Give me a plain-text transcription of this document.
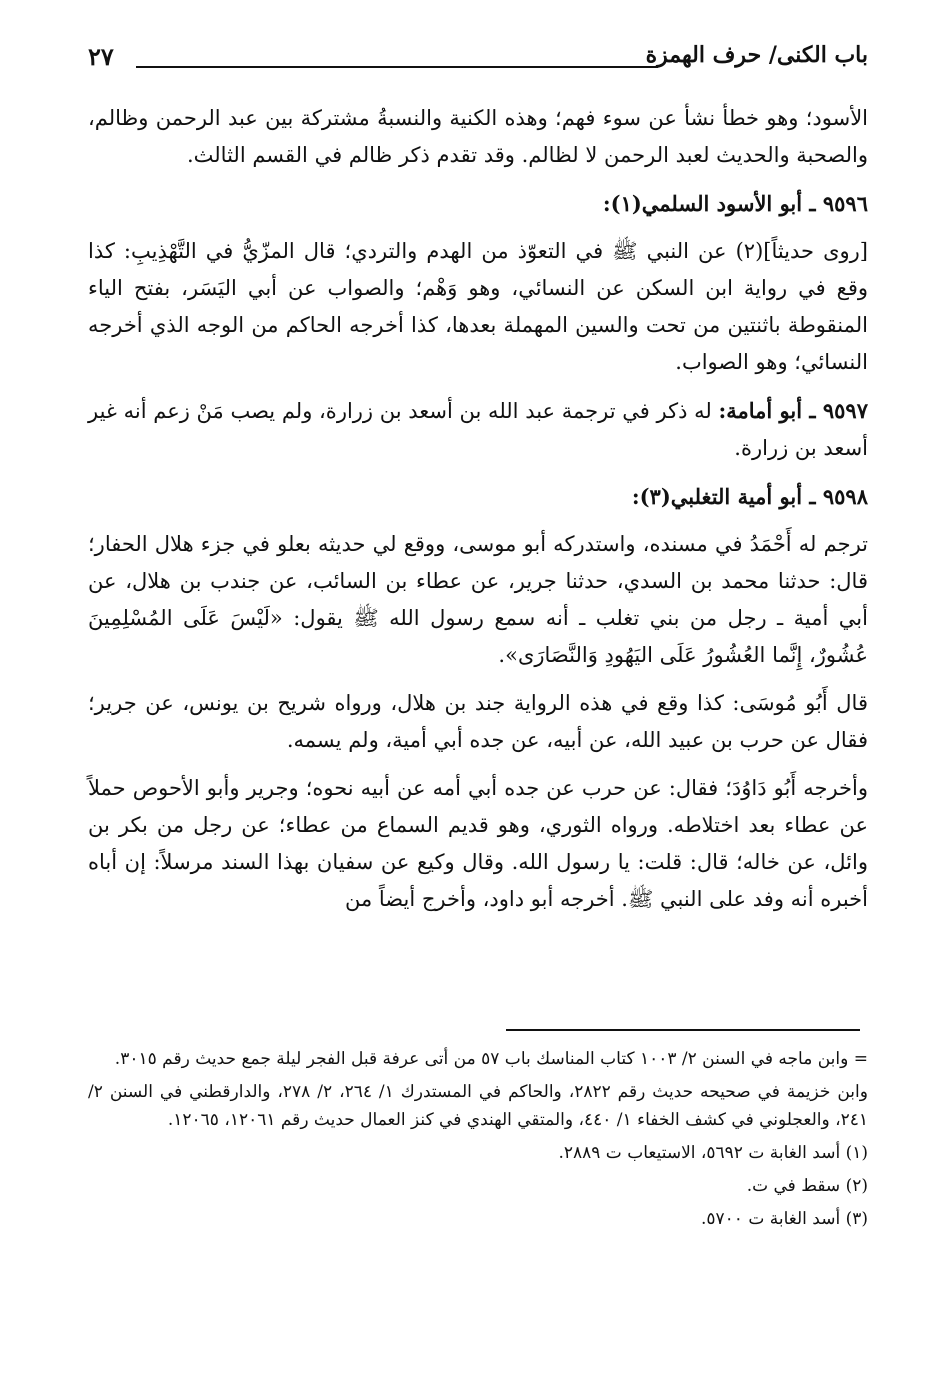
٢٧	باب الكنى/ حرف الهمزة

الأسود؛ وهو خطأ نشأ عن سوء فهم؛ وهذه الكنية والنسبةُ مشتركة بين عبد الرحمن وظالم، والصحبة والحديث لعبد الرحمن لا لظالم. وقد تقدم ذكر ظالم في القسم الثالث.

٩٥٩٦ ـ أبو الأسود السلمي(١):

[روى حديثاً](٢) عن النبي ﷺ في التعوّذ من الهدم والتردي؛ قال المزّيُّ في التَّهْذِيبِ: كذا وقع في رواية ابن السكن عن النسائي، وهو وَهْم؛ والصواب عن أبي اليَسَر، بفتح الياء المنقوطة باثنتين من تحت والسين المهملة بعدها، كذا أخرجه الحاكم من الوجه الذي أخرجه النسائي؛ وهو الصواب.

٩٥٩٧ ـ أبو أمامة: له ذكر في ترجمة عبد الله بن أسعد بن زرارة، ولم يصب مَنْ زعم أنه غير أسعد بن زرارة.

٩٥٩٨ ـ أبو أمية التغلبي(٣):

ترجم له أَحْمَدُ في مسنده، واستدركه أبو موسى، ووقع لي حديثه بعلو في جزء هلال الحفار؛ قال: حدثنا محمد بن السدي، حدثنا جرير، عن عطاء بن السائب، عن جندب بن هلال، عن أبي أمية ـ رجل من بني تغلب ـ أنه سمع رسول الله ﷺ يقول: «لَيْسَ عَلَى المُسْلِمِينَ عُشُورٌ، إِنَّما العُشُورُ عَلَى اليَهُودِ وَالنَّصَارَى».

قال أَبُو مُوسَى: كذا وقع في هذه الرواية جند بن هلال، ورواه شريح بن يونس، عن جرير؛ فقال عن حرب بن عبيد الله، عن أبيه، عن جده أبي أمية، ولم يسمه.

وأخرجه أَبُو دَاوُدَ؛ فقال: عن حرب عن جده أبي أمه عن أبيه نحوه؛ وجرير وأبو الأحوص حملاً عن عطاء بعد اختلاطه. ورواه الثوري، وهو قديم السماع من عطاء؛ عن رجل من بكر بن وائل، عن خاله؛ قال: قلت: يا رسول الله. وقال وكيع عن سفيان بهذا السند مرسلاً: إن أباه أخبره أنه وفد على النبي ﷺ. أخرجه أبو داود، وأخرج أيضاً من

= وابن ماجه في السنن ٢/ ١٠٠٣ كتاب المناسك باب ٥٧ من أتى عرفة قبل الفجر ليلة جمع حديث رقم ٣٠١٥.

وابن خزيمة في صحيحه حديث رقم ٢٨٢٢، والحاكم في المستدرك ١/ ٢٦٤، ٢/ ٢٧٨، والدارقطني في السنن ٢/ ٢٤١، والعجلوني في كشف الخفاء ١/ ٤٤٠، والمتقي الهندي في كنز العمال حديث رقم ١٢٠٦١، ١٢٠٦٥.

(١) أسد الغابة ت ٥٦٩٢، الاستيعاب ت ٢٨٨٩.

(٢) سقط في ت.

(٣) أسد الغابة ت ٥٧٠٠.
